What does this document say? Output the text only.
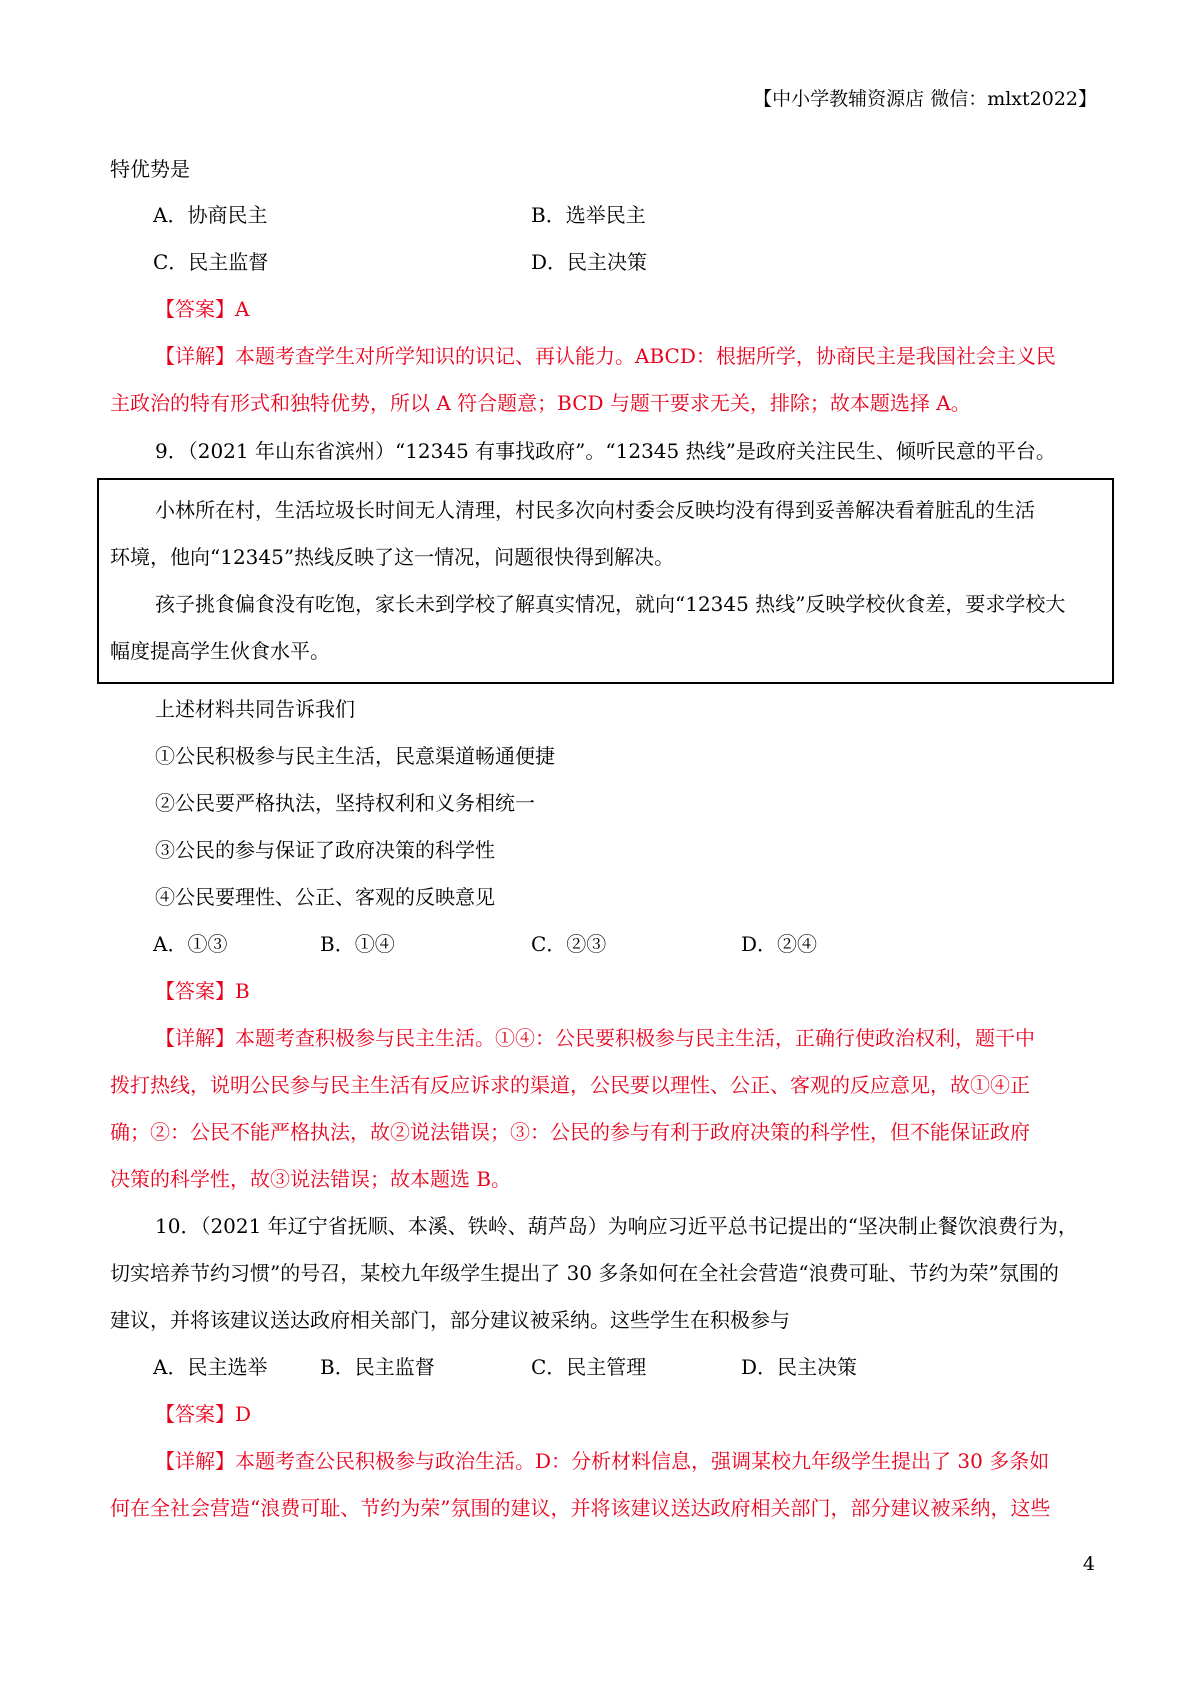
【中小学教辅资源店 微信：mlxt2022】
特优势是
A．协商民主	B．选举民主
C．民主监督	D．民主决策
【答案】A
【详解】本题考查学生对所学知识的识记、再认能力。ABCD：根据所学，协商民主是我国社会主义民
主政治的特有形式和独特优势，所以 A 符合题意；BCD 与题干要求无关，排除；故本题选择 A。
9．（2021 年山东省滨州）“12345 有事找政府”。“12345 热线”是政府关注民生、倾听民意的平台。
小林所在村，生活垃圾长时间无人清理，村民多次向村委会反映均没有得到妥善解决看着脏乱的生活
环境，他向“12345”热线反映了这一情况，问题很快得到解决。
孩子挑食偏食没有吃饱，家长未到学校了解真实情况，就向“12345 热线”反映学校伙食差，要求学校大
幅度提高学生伙食水平。
上述材料共同告诉我们
①公民积极参与民主生活，民意渠道畅通便捷
②公民要严格执法，坚持权利和义务相统一
③公民的参与保证了政府决策的科学性
④公民要理性、公正、客观的反映意见
A．①③	B．①④	C．②③	D．②④
【答案】B
【详解】本题考查积极参与民主生活。①④：公民要积极参与民主生活，正确行使政治权利，题干中
拨打热线，说明公民参与民主生活有反应诉求的渠道，公民要以理性、公正、客观的反应意见，故①④正
确；②：公民不能严格执法，故②说法错误；③：公民的参与有利于政府决策的科学性，但不能保证政府
决策的科学性，故③说法错误；故本题选 B。
10．（2021 年辽宁省抚顺、本溪、铁岭、葫芦岛）为响应习近平总书记提出的“坚决制止餐饮浪费行为，
切实培养节约习惯”的号召，某校九年级学生提出了 30 多条如何在全社会营造“浪费可耻、节约为荣”氛围的
建议，并将该建议送达政府相关部门，部分建议被采纳。这些学生在积极参与
A．民主选举	B．民主监督	C．民主管理	D．民主决策
【答案】D
【详解】本题考查公民积极参与政治生活。D：分析材料信息，强调某校九年级学生提出了 30 多条如
何在全社会营造“浪费可耻、节约为荣”氛围的建议，并将该建议送达政府相关部门，部分建议被采纳，这些
4
